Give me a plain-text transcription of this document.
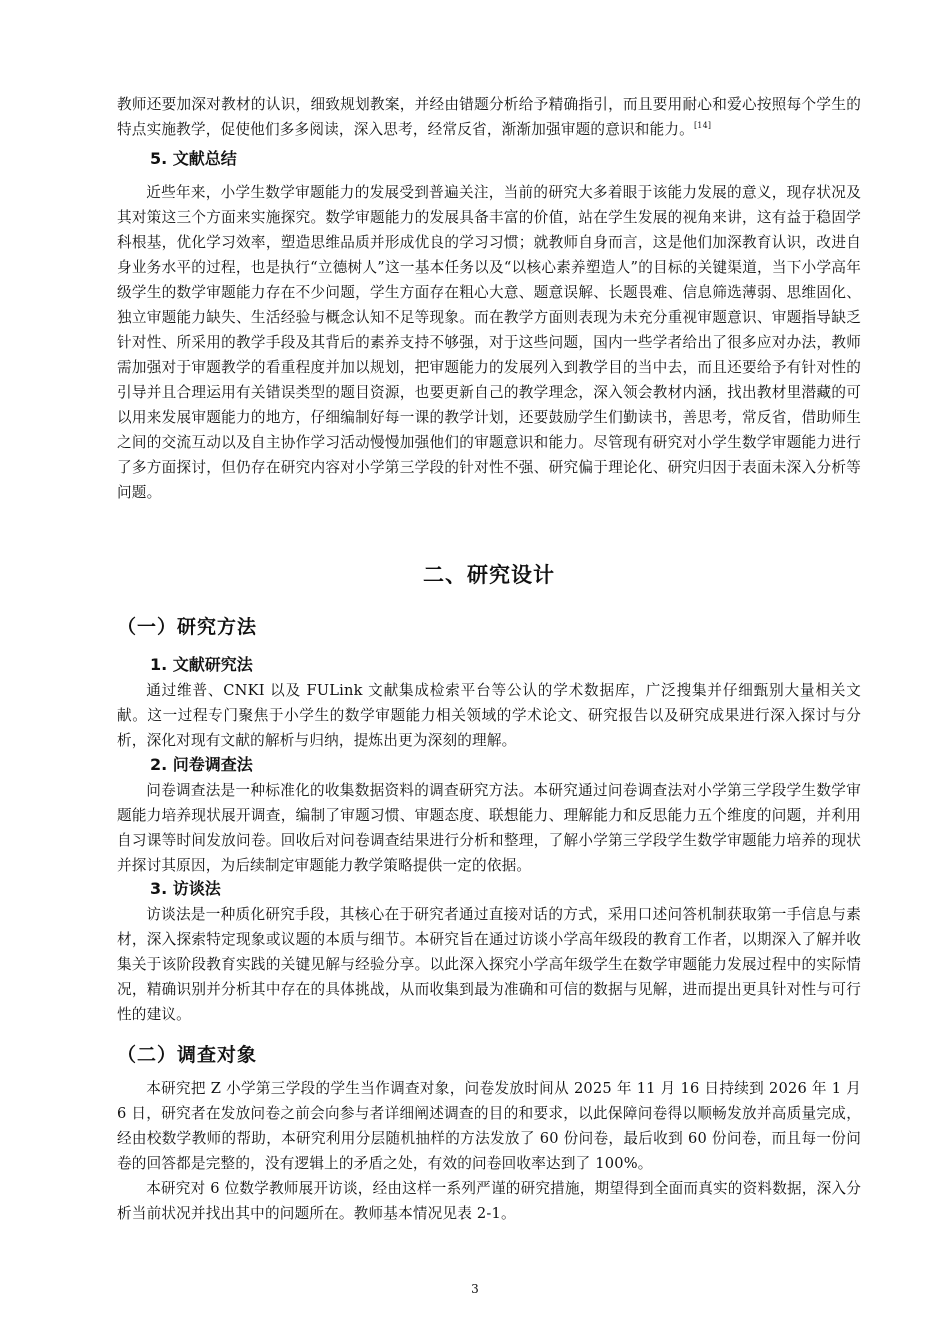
教师还要加深对教材的认识，细致规划教案，并经由错题分析给予精确指引，而且要用耐心和爱心按照每个学生的特点实施教学，促使他们多多阅读，深入思考，经常反省，渐渐加强审题的意识和能力。[14]

5. 文献总结

近些年来，小学生数学审题能力的发展受到普遍关注，当前的研究大多着眼于该能力发展的意义，现存状况及其对策这三个方面来实施探究。数学审题能力的发展具备丰富的价值，站在学生发展的视角来讲，这有益于稳固学科根基，优化学习效率，塑造思维品质并形成优良的学习习惯；就教师自身而言，这是他们加深教育认识，改进自身业务水平的过程，也是执行“立德树人”这一基本任务以及“以核心素养塑造人”的目标的关键渠道，当下小学高年级学生的数学审题能力存在不少问题，学生方面存在粗心大意、题意误解、长题畏难、信息筛选薄弱、思维固化、独立审题能力缺失、生活经验与概念认知不足等现象。而在教学方面则表现为未充分重视审题意识、审题指导缺乏针对性、所采用的教学手段及其背后的素养支持不够强，对于这些问题，国内一些学者给出了很多应对办法，教师需加强对于审题教学的看重程度并加以规划，把审题能力的发展列入到教学目的当中去，而且还要给予有针对性的引导并且合理运用有关错误类型的题目资源，也要更新自己的教学理念，深入领会教材内涵，找出教材里潜藏的可以用来发展审题能力的地方，仔细编制好每一课的教学计划，还要鼓励学生们勤读书，善思考，常反省，借助师生之间的交流互动以及自主协作学习活动慢慢加强他们的审题意识和能力。尽管现有研究对小学生数学审题能力进行了多方面探讨，但仍存在研究内容对小学第三学段的针对性不强、研究偏于理论化、研究归因于表面未深入分析等问题。

二、研究设计
（一）研究方法
1. 文献研究法

通过维普、CNKI 以及 FULink 文献集成检索平台等公认的学术数据库，广泛搜集并仔细甄别大量相关文献。这一过程专门聚焦于小学生的数学审题能力相关领域的学术论文、研究报告以及研究成果进行深入探讨与分析，深化对现有文献的解析与归纳，提炼出更为深刻的理解。

2. 问卷调查法

问卷调查法是一种标准化的收集数据资料的调查研究方法。本研究通过问卷调查法对小学第三学段学生数学审题能力培养现状展开调查，编制了审题习惯、审题态度、联想能力、理解能力和反思能力五个维度的问题，并利用自习课等时间发放问卷。回收后对问卷调查结果进行分析和整理，了解小学第三学段学生数学审题能力培养的现状并探讨其原因，为后续制定审题能力教学策略提供一定的依据。

3. 访谈法

访谈法是一种质化研究手段，其核心在于研究者通过直接对话的方式，采用口述问答机制获取第一手信息与素材，深入探索特定现象或议题的本质与细节。本研究旨在通过访谈小学高年级段的教育工作者，以期深入了解并收集关于该阶段教育实践的关键见解与经验分享。以此深入探究小学高年级学生在数学审题能力发展过程中的实际情况，精确识别并分析其中存在的具体挑战，从而收集到最为准确和可信的数据与见解，进而提出更具针对性与可行性的建议。

（二）调查对象

本研究把 Z 小学第三学段的学生当作调查对象，问卷发放时间从 2025 年 11 月 16 日持续到 2026 年 1 月 6 日，研究者在发放问卷之前会向参与者详细阐述调查的目的和要求，以此保障问卷得以顺畅发放并高质量完成，经由校数学教师的帮助，本研究利用分层随机抽样的方法发放了 60 份问卷，最后收到 60 份问卷，而且每一份问卷的回答都是完整的，没有逻辑上的矛盾之处，有效的问卷回收率达到了 100%。

本研究对 6 位数学教师展开访谈，经由这样一系列严谨的研究措施，期望得到全面而真实的资料数据，深入分析当前状况并找出其中的问题所在。教师基本情况见表 2-1。

3
